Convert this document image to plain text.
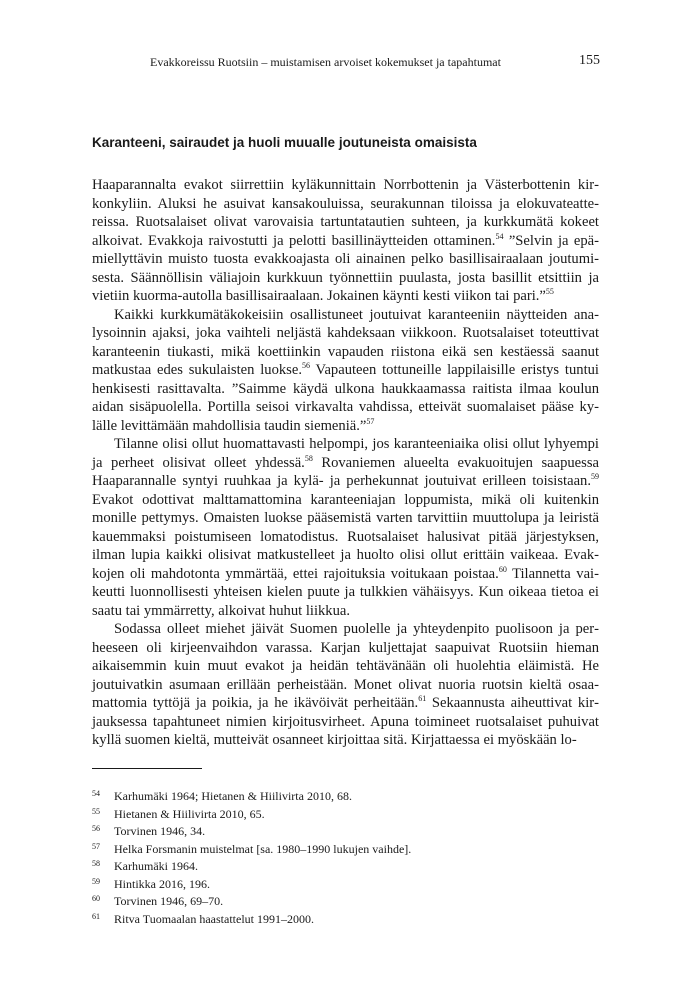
Evakkoreissu Ruotsiin – muistamisen arvoiset kokemukset ja tapahtumat	155
Karanteeni, sairaudet ja huoli muualle joutuneista omaisista

Haaparannalta evakot siirrettiin kyläkunnittain Norrbottenin ja Västerbottenin kirkonkyliin. Aluksi he asuivat kansakouluissa, seurakunnan tiloissa ja elokuvateattereissa. Ruotsalaiset olivat varovaisia tartuntatautien suhteen, ja kurkkumätä kokeet alkoivat. Evakkoja raivostutti ja pelotti basillinäytteiden ottaminen.$^{54}$ ”Selvin ja epämiellyttävin muisto tuosta evakkoajasta oli ainainen pelko basillisairaalaan joutumisesta. Säännöllisin väliajoin kurkkuun työnnettiin puulasta, josta basillit etsittiin ja vietiin kuorma-autolla basillisairaalaan. Jokainen käynti kesti viikon tai pari.”$^{55}$

Kaikki kurkkumätäkokeisiin osallistuneet joutuivat karanteeniin näytteiden analysoinnin ajaksi, joka vaihteli neljästä kahdeksaan viikkoon. Ruotsalaiset toteuttivat karanteenin tiukasti, mikä koettiinkin vapauden riistona eikä sen kestäessä saanut matkustaa edes sukulaisten luokse.$^{56}$ Vapauteen tottuneille lappilaisille eristys tuntui henkisesti rasittavalta. ”Saimme käydä ulkona haukkaamassa raitista ilmaa koulun aidan sisäpuolella. Portilla seisoi virkavalta vahdissa, etteivät suomalaiset pääse kylälle levittämään mahdollisia taudin siemeniä.”$^{57}$

Tilanne olisi ollut huomattavasti helpompi, jos karanteeniaika olisi ollut lyhyempi ja perheet olisivat olleet yhdessä.$^{58}$ Rovaniemen alueelta evakuoitujen saapuessa Haaparannalle syntyi ruuhkaa ja kylä- ja perhekunnat joutuivat erilleen toisistaan.$^{59}$ Evakot odottivat malttamattomina karanteeniajan loppumista, mikä oli kuitenkin monille pettymys. Omaisten luokse pääsemistä varten tarvittiin muuttolupa ja leiristä kauemmaksi poistumiseen lomatodistus. Ruotsalaiset halusivat pitää järjestyksen, ilman lupia kaikki olisivat matkustelleet ja huolto olisi ollut erittäin vaikeaa. Evakkojen oli mahdotonta ymmärtää, ettei rajoituksia voitukaan poistaa.$^{60}$ Tilannetta vaikeutti luonnollisesti yhteisen kielen puute ja tulkkien vähäisyys. Kun oikeaa tietoa ei saatu tai ymmärretty, alkoivat huhut liikkua.

Sodassa olleet miehet jäivät Suomen puolelle ja yhteydenpito puolisoon ja perheeseen oli kirjeenvaihdon varassa. Karjan kuljettajat saapuivat Ruotsiin hieman aikaisemmin kuin muut evakot ja heidän tehtävänään oli huolehtia eläimistä. He joutuivatkin asumaan erillään perheistään. Monet olivat nuoria ruotsin kieltä osaamattomia tyttöjä ja poikia, ja he ikävöivät perheitään.$^{61}$ Sekaannusta aiheuttivat kirjauksessa tapahtuneet nimien kirjoitusvirheet. Apuna toimineet ruotsalaiset puhuivat kyllä suomen kieltä, mutteivät osanneet kirjoittaa sitä. Kirjattaessa ei myöskään lo-

54 Karhumäki 1964; Hietanen & Hiilivirta 2010, 68.
55 Hietanen & Hiilivirta 2010, 65.
56 Torvinen 1946, 34.
57 Helka Forsmanin muistelmat [sa. 1980–1990 lukujen vaihde].
58 Karhumäki 1964.
59 Hintikka 2016, 196.
60 Torvinen 1946, 69–70.
61 Ritva Tuomaalan haastattelut 1991–2000.
